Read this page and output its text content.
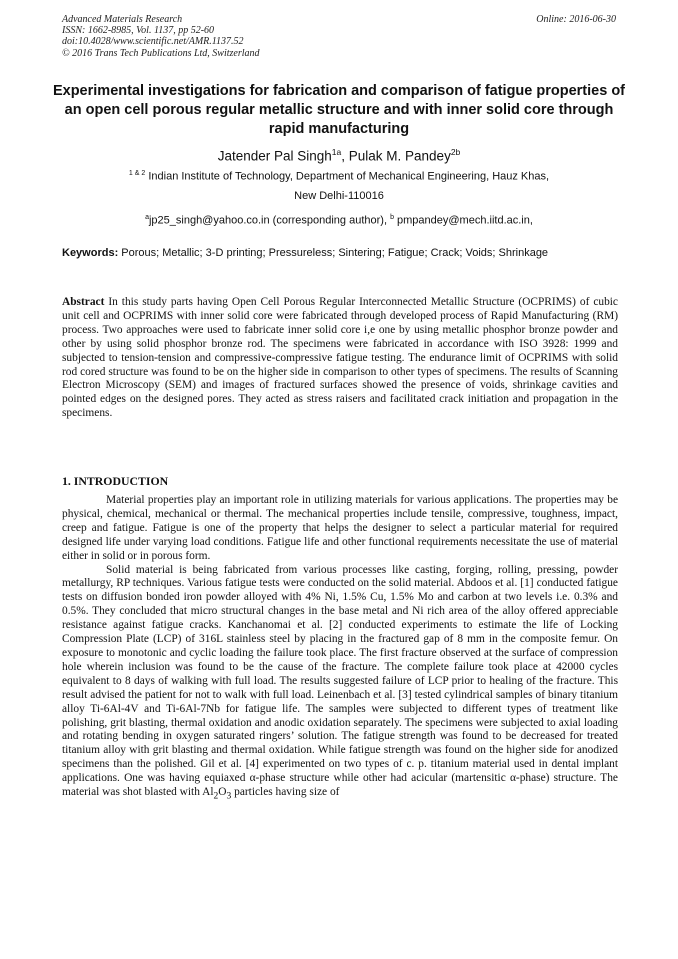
Advanced Materials Research
ISSN: 1662-8985, Vol. 1137, pp 52-60
doi:10.4028/www.scientific.net/AMR.1137.52
© 2016 Trans Tech Publications Ltd, Switzerland
Online: 2016-06-30
Experimental investigations for fabrication and comparison of fatigue properties of an open cell porous regular metallic structure and with inner solid core through rapid manufacturing
Jatender Pal Singh$^{1a}$, Pulak M. Pandey$^{2b}$
$^{1 \& 2}$ Indian Institute of Technology, Department of Mechanical Engineering, Hauz Khas,
New Delhi-110016
$^a$jp25_singh@yahoo.co.in (corresponding author), $^b$ pmpandey@mech.iitd.ac.in,
Keywords: Porous; Metallic; 3-D printing; Pressureless; Sintering; Fatigue; Crack; Voids; Shrinkage
Abstract In this study parts having Open Cell Porous Regular Interconnected Metallic Structure (OCPRIMS) of cubic unit cell and OCPRIMS with inner solid core were fabricated through developed process of Rapid Manufacturing (RM) process. Two approaches were used to fabricate inner solid core i,e one by using metallic phosphor bronze powder and other by using solid phosphor bronze rod. The specimens were fabricated in accordance with ISO 3928: 1999 and subjected to tension-tension and compressive-compressive fatigue testing. The endurance limit of OCPRIMS with solid rod cored structure was found to be on the higher side in comparison to other types of specimens. The results of Scanning Electron Microscopy (SEM) and images of fractured surfaces showed the presence of voids, shrinkage cavities and pointed edges on the designed pores. They acted as stress raisers and facilitated crack initiation and propagation in the specimens.
1. INTRODUCTION

Material properties play an important role in utilizing materials for various applications. The properties may be physical, chemical, mechanical or thermal. The mechanical properties include tensile, compressive, toughness, impact, creep and fatigue. Fatigue is one of the property that helps the designer to select a particular material for required designed life under varying load conditions. Fatigue life and other functional requirements necessitate the use of material either in solid or in porous form.

Solid material is being fabricated from various processes like casting, forging, rolling, pressing, powder metallurgy, RP techniques. Various fatigue tests were conducted on the solid material. Abdoos et al. [1] conducted fatigue tests on diffusion bonded iron powder alloyed with 4% Ni, 1.5% Cu, 1.5% Mo and carbon at two levels i.e. 0.3% and 0.5%. They concluded that micro structural changes in the base metal and Ni rich area of the alloy offered appreciable resistance against fatigue cracks. Kanchanomai et al. [2] conducted experiments to estimate the life of Locking Compression Plate (LCP) of 316L stainless steel by placing in the fractured gap of 8 mm in the composite femur. On exposure to monotonic and cyclic loading the failure took place. The first fracture observed at the surface of compression hole wherein inclusion was found to be the cause of the fracture. The complete failure took place at 42000 cycles equivalent to 8 days of walking with full load. The results suggested failure of LCP prior to healing of the fracture. This result advised the patient for not to walk with full load. Leinenbach et al. [3] tested cylindrical samples of binary titanium alloy Ti-6Al-4V and Ti-6Al-7Nb for fatigue life. The samples were subjected to different types of treatment like polishing, grit blasting, thermal oxidation and anodic oxidation separately. The specimens were subjected to axial loading and rotating bending in oxygen saturated ringers’ solution. The fatigue strength was found to be decreased for treated titanium alloy with grit blasting and thermal oxidation. While fatigue strength was found on the higher side for anodized specimens than the polished. Gil et al. [4] experimented on two types of c. p. titanium material used in dental implant applications. One was having equiaxed α-phase structure while other had acicular (martensitic α-phase) structure. The material was shot blasted with $Al_2O_3$ particles having size of
